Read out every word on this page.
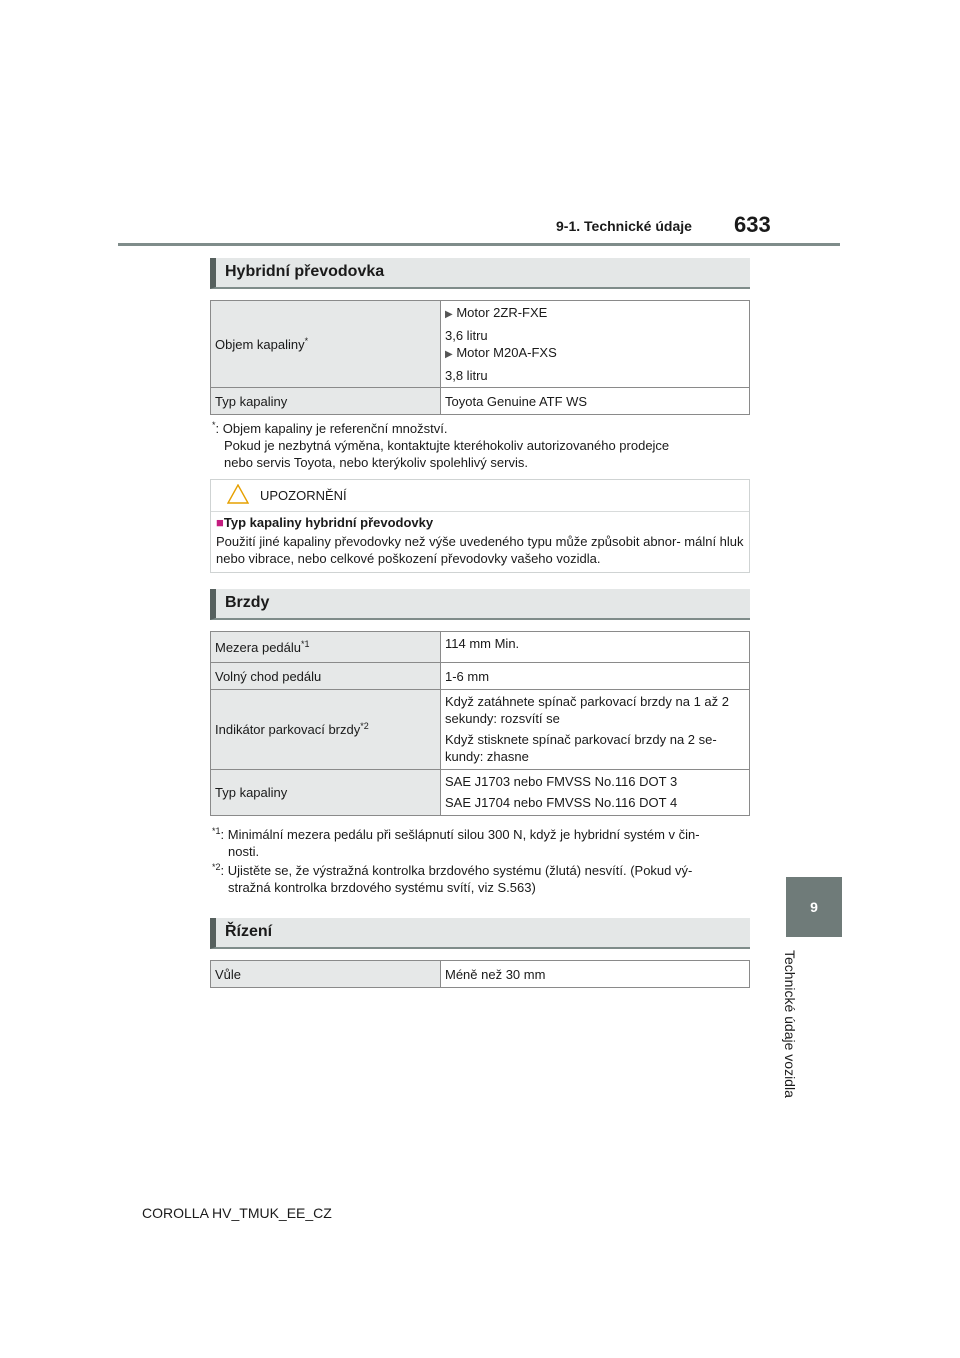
9-1. Technické údaje 633
9
Technické údaje vozidla
Hybridní převodovka
Objem kapaliny*	▶ Motor 2ZR-FXE
3,6 litru
▶ Motor M20A-FXS
3,8 litru

Typ kapaliny	Toyota Genuine ATF WS
*: Objem kapaliny je referenční množství.
Pokud je nezbytná výměna, kontaktujte kteréhokoliv autorizovaného prodejce
nebo servis Toyota, nebo kterýkoliv spolehlivý servis.
UPOZORNĚNÍ
■Typ kapaliny hybridní převodovky
Použití jiné kapaliny převodovky než výše uvedeného typu může způsobit abnor- mální hluk nebo vibrace, nebo celkové poškození převodovky vašeho vozidla.
Brzdy
Mezera pedálu$^{*1}$	114 mm Min.
Volný chod pedálu	1-6 mm
Indikátor parkovací brzdy$^{*2}$	Když zatáhnete spínač parkovací brzdy na 1 až 2 sekundy: rozsvítí se
Když stisknete spínač parkovací brzdy na 2 se- kundy: zhasne

Typ kapaliny	SAE J1703 nebo FMVSS No.116 DOT 3
SAE J1704 nebo FMVSS No.116 DOT 4
$^{*1}$: Minimální mezera pedálu při sešlápnutí silou 300 N, když je hybridní systém v čin-
nosti.
$^{*2}$: Ujistěte se, že výstražná kontrolka brzdového systému (žlutá) nesvítí. (Pokud vý-
stražná kontrolka brzdového systému svítí, viz S.563)
Řízení
Vůle	Méně než 30 mm
COROLLA HV_TMUK_EE_CZ
